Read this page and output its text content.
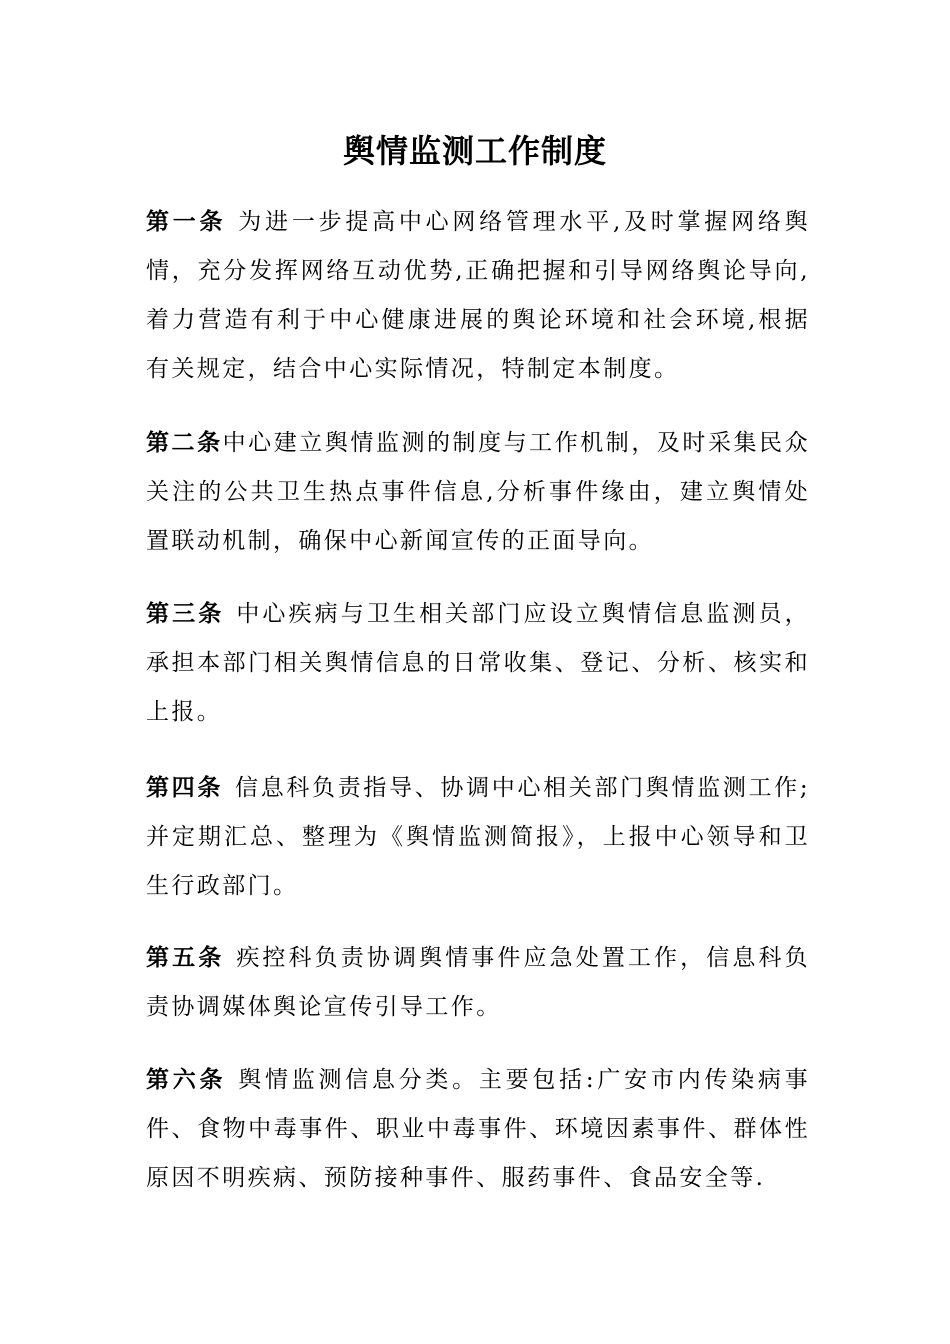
舆情监测工作制度
第一条 为进一步提高中心网络管理水平,及时掌握网络舆情，充分发挥网络互动优势,正确把握和引导网络舆论导向,着力营造有利于中心健康进展的舆论环境和社会环境,根据有关规定，结合中心实际情况，特制定本制度。
第二条中心建立舆情监测的制度与工作机制，及时采集民众关注的公共卫生热点事件信息,分析事件缘由，建立舆情处置联动机制，确保中心新闻宣传的正面导向。
第三条 中心疾病与卫生相关部门应设立舆情信息监测员，承担本部门相关舆情信息的日常收集、登记、分析、核实和上报。
第四条 信息科负责指导、协调中心相关部门舆情监测工作;并定期汇总、整理为《舆情监测简报》，上报中心领导和卫生行政部门。
第五条 疾控科负责协调舆情事件应急处置工作，信息科负责协调媒体舆论宣传引导工作。
第六条 舆情监测信息分类。主要包括:广安市内传染病事件、食物中毒事件、职业中毒事件、环境因素事件、群体性原因不明疾病、预防接种事件、服药事件、食品安全等.
